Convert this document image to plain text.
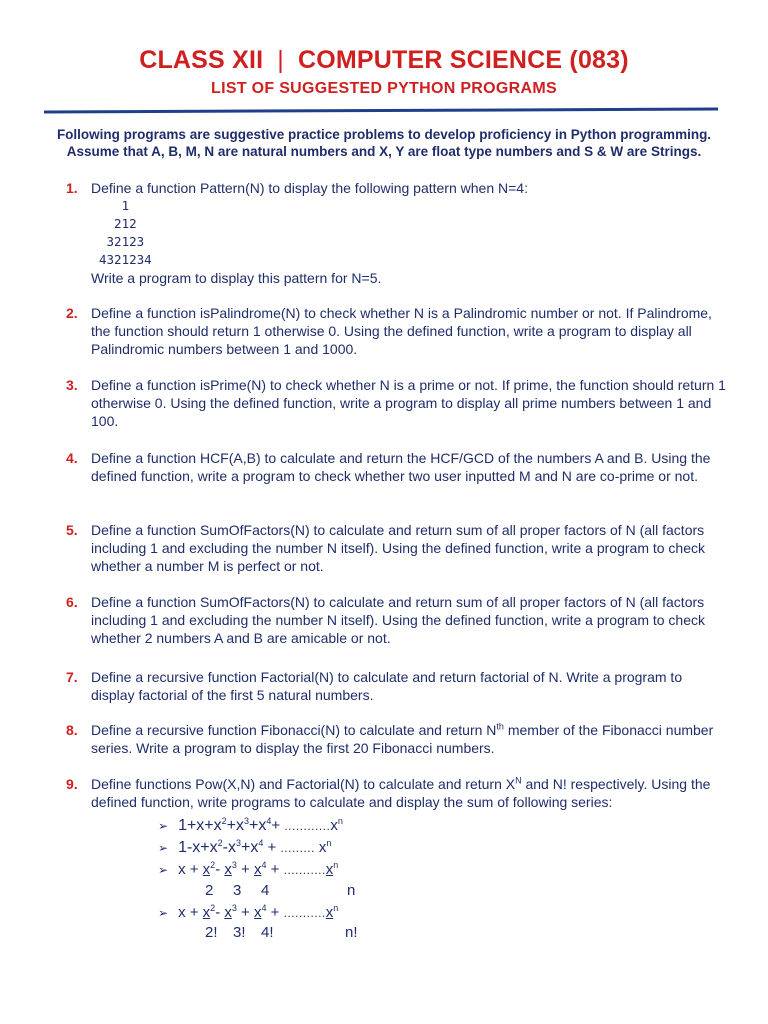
CLASS XII | COMPUTER SCIENCE (083)
LIST OF SUGGESTED PYTHON PROGRAMS
Following programs are suggestive practice problems to develop proficiency in Python programming.
Assume that A, B, M, N are natural numbers and X, Y are float type numbers and S & W are Strings.
1. Define a function Pattern(N) to display the following pattern when N=4:
1
212
32123
4321234
Write a program to display this pattern for N=5.
2. Define a function isPalindrome(N) to check whether N is a Palindromic number or not. If Palindrome, the function should return 1 otherwise 0. Using the defined function, write a program to display all Palindromic numbers between 1 and 1000.
3. Define a function isPrime(N) to check whether N is a prime or not. If prime, the function should return 1 otherwise 0. Using the defined function, write a program to display all prime numbers between 1 and 100.
4. Define a function HCF(A,B) to calculate and return the HCF/GCD of the numbers A and B. Using the defined function, write a program to check whether two user inputted M and N are co-prime or not.
5. Define a function SumOfFactors(N) to calculate and return sum of all proper factors of N (all factors including 1 and excluding the number N itself). Using the defined function, write a program to check whether a number M is perfect or not.
6. Define a function SumOfFactors(N) to calculate and return sum of all proper factors of N (all factors including 1 and excluding the number N itself). Using the defined function, write a program to check whether 2 numbers A and B are amicable or not.
7. Define a recursive function Factorial(N) to calculate and return factorial of N. Write a program to display factorial of the first 5 natural numbers.
8. Define a recursive function Fibonacci(N) to calculate and return $N^{th}$ member of the Fibonacci number series. Write a program to display the first 20 Fibonacci numbers.
9. Define functions Pow(X,N) and Factorial(N) to calculate and return $X^N$ and N! respectively. Using the defined function, write programs to calculate and display the sum of following series:
➢ $1+x+x^2+x^3+x^4+ ............x^n$
➢ $1-x+x^2-x^3+x^4$ + ......... $x^n$
➢ $x + x^2-$ $x^3 + x^4 + ...........x^n$

2

3

4

	n

➢ $x + x^2-$ $x^3 + x^4 + ...........x^n$

2!

3!

4!

	n!
